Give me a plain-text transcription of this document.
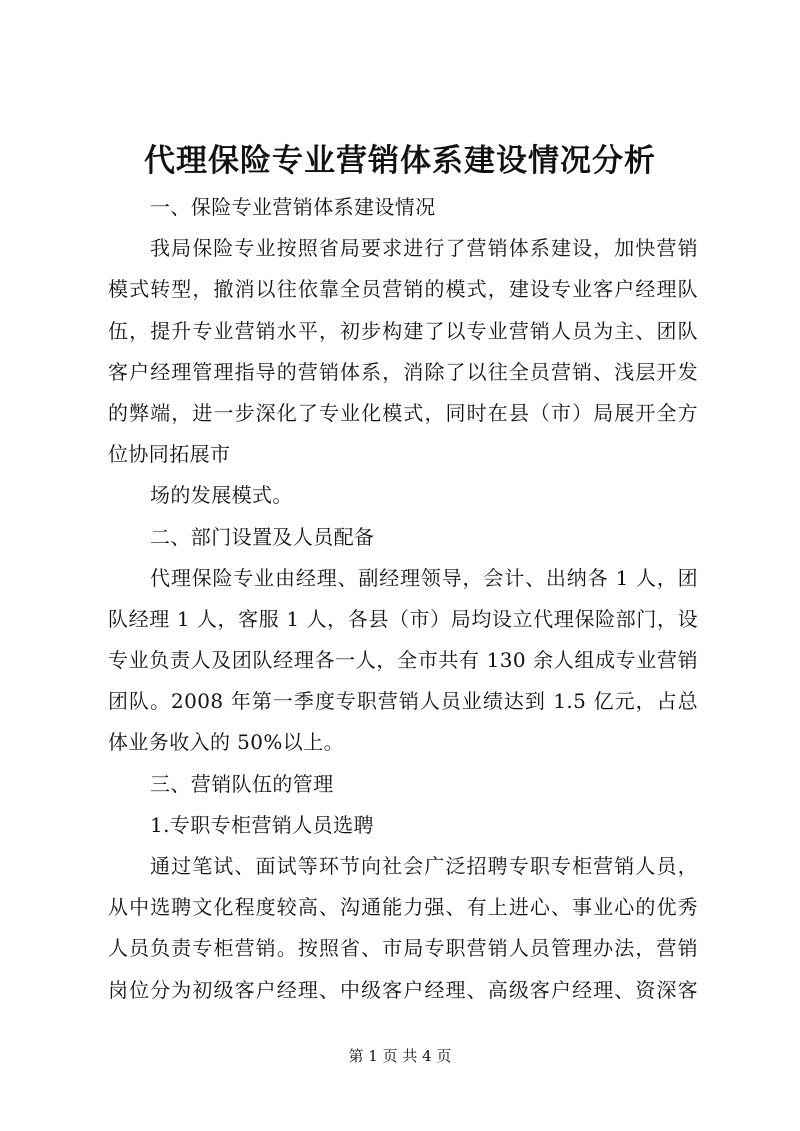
代理保险专业营销体系建设情况分析
一、保险专业营销体系建设情况
我局保险专业按照省局要求进行了营销体系建设，加快营销
模式转型，撤消以往依靠全员营销的模式，建设专业客户经理队
伍，提升专业营销水平，初步构建了以专业营销人员为主、团队
客户经理管理指导的营销体系，消除了以往全员营销、浅层开发
的弊端，进一步深化了专业化模式，同时在县（市）局展开全方
位协同拓展市
场的发展模式。
二、部门设置及人员配备
代理保险专业由经理、副经理领导，会计、出纳各 1 人，团
队经理 1 人，客服 1 人，各县（市）局均设立代理保险部门，设
专业负责人及团队经理各一人，全市共有 130 余人组成专业营销
团队。2008 年第一季度专职营销人员业绩达到 1.5 亿元，占总
体业务收入的 50%以上。
三、营销队伍的管理
1.专职专柜营销人员选聘
通过笔试、面试等环节向社会广泛招聘专职专柜营销人员，
从中选聘文化程度较高、沟通能力强、有上进心、事业心的优秀
人员负责专柜营销。按照省、市局专职营销人员管理办法，营销
岗位分为初级客户经理、中级客户经理、高级客户经理、资深客
第 1 页 共 4 页
